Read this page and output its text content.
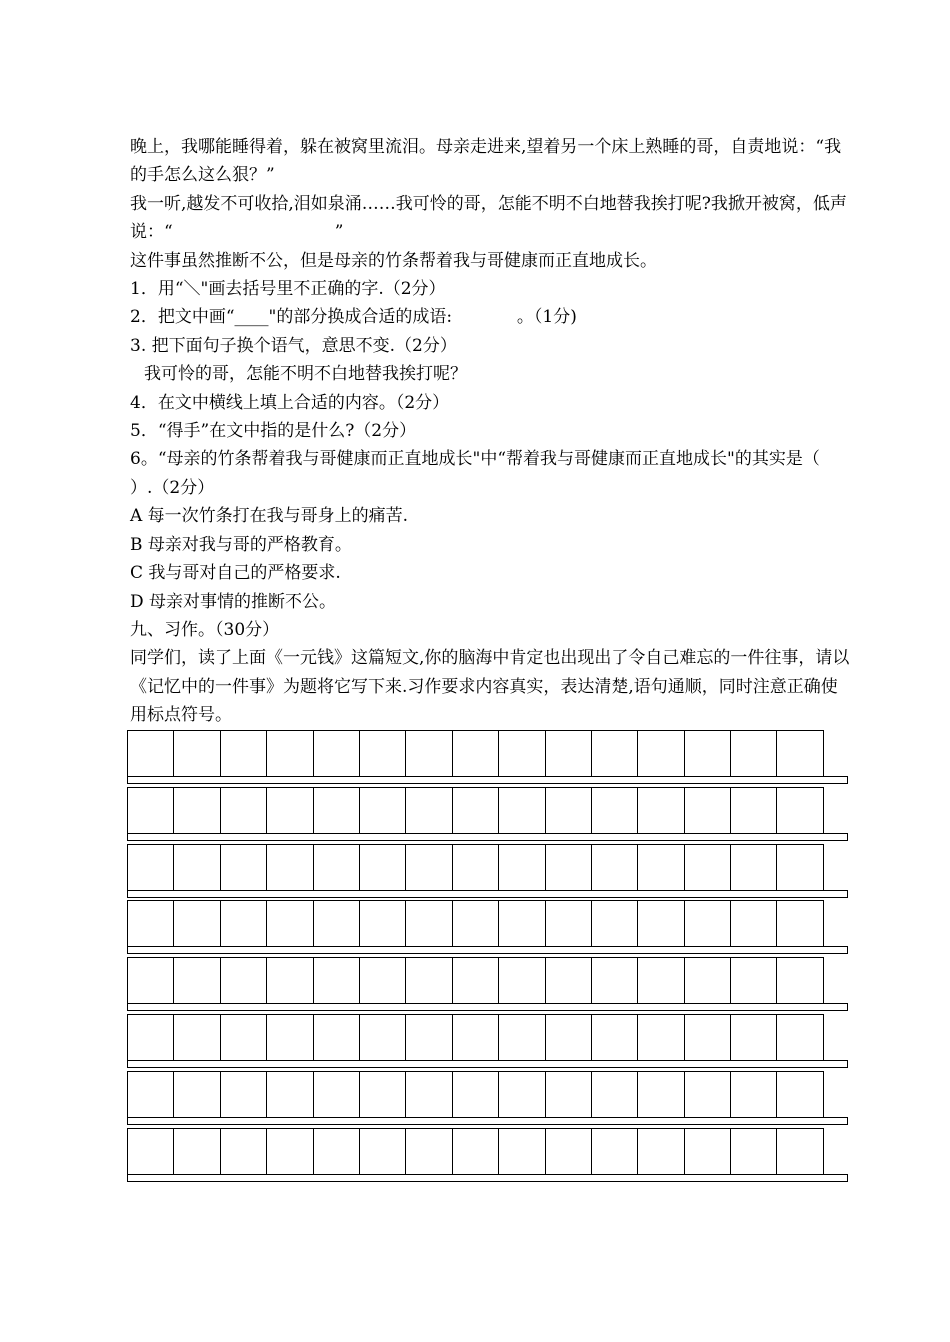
晚上，我哪能睡得着，躲在被窝里流泪。母亲走进来,望着另一个床上熟睡的哥，自责地说：“我的手怎么这么狠？”

我一听,越发不可收拾,泪如泉涌……我可怜的哥，怎能不明不白地替我挨打呢?我掀开被窝，低声说：“                              ”

这件事虽然推断不公，但是母亲的竹条帮着我与哥健康而正直地成长。

1．用“＼"画去括号里不正确的字.（2分）

2．把文中画“____"的部分换成合适的成语:            。（1分)

3. 把下面句子换个语气，意思不变.（2分）

我可怜的哥，怎能不明不白地替我挨打呢？

4．在文中横线上填上合适的内容。（2分）

5．“得手”在文中指的是什么?（2分）

6。“母亲的竹条帮着我与哥健康而正直地成长"中“帮着我与哥健康而正直地成长"的其实是（      ）.（2分）

A 每一次竹条打在我与哥身上的痛苦.

B 母亲对我与哥的严格教育。

C 我与哥对自己的严格要求.

D 母亲对事情的推断不公。

九、习作。（30分）

同学们，读了上面《一元钱》这篇短文,你的脑海中肯定也出现出了令自己难忘的一件往事，请以《记忆中的一件事》为题将它写下来.习作要求内容真实，表达清楚,语句通顺，同时注意正确使用标点符号。
